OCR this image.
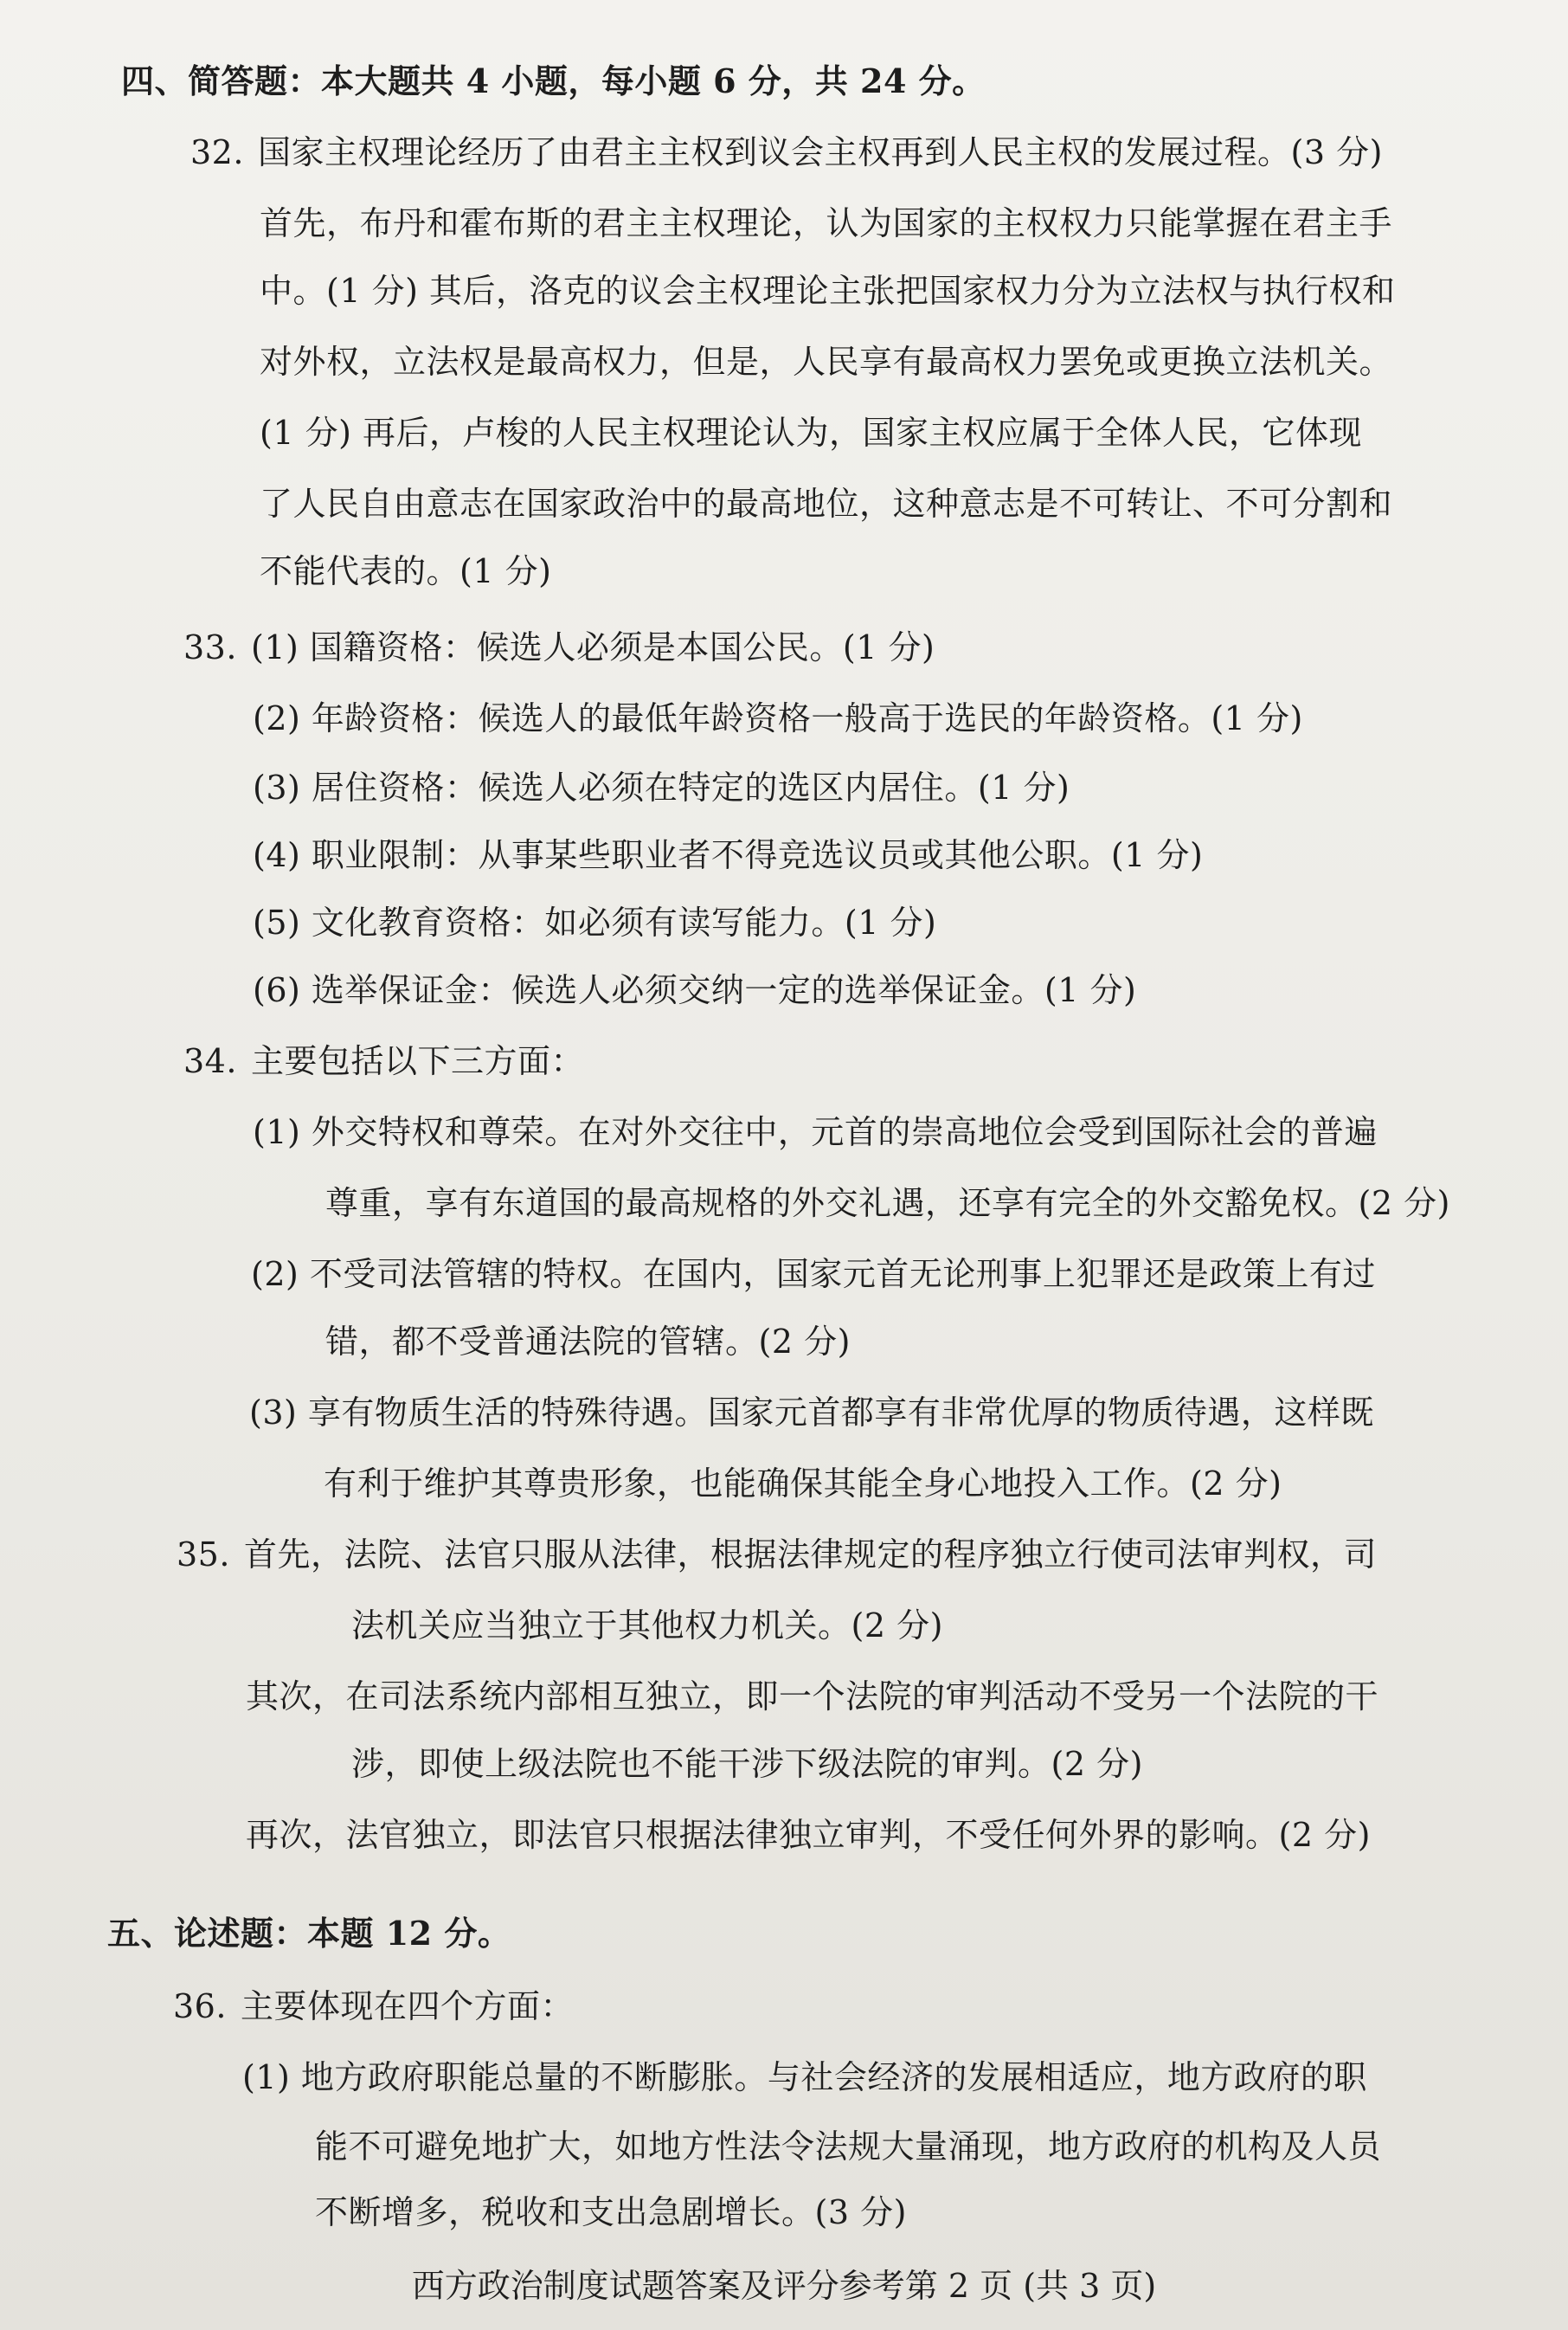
四、简答题：本大题共 4 小题，每小题 6 分，共 24 分。
32. 国家主权理论经历了由君主主权到议会主权再到人民主权的发展过程。(3 分)
首先，布丹和霍布斯的君主主权理论，认为国家的主权权力只能掌握在君主手
中。(1 分) 其后，洛克的议会主权理论主张把国家权力分为立法权与执行权和
对外权，立法权是最高权力，但是，人民享有最高权力罢免或更换立法机关。
(1 分) 再后，卢梭的人民主权理论认为，国家主权应属于全体人民，它体现
了人民自由意志在国家政治中的最高地位，这种意志是不可转让、不可分割和
不能代表的。(1 分)
33. (1) 国籍资格：候选人必须是本国公民。(1 分)
(2) 年龄资格：候选人的最低年龄资格一般高于选民的年龄资格。(1 分)
(3) 居住资格：候选人必须在特定的选区内居住。(1 分)
(4) 职业限制：从事某些职业者不得竞选议员或其他公职。(1 分)
(5) 文化教育资格：如必须有读写能力。(1 分)
(6) 选举保证金：候选人必须交纳一定的选举保证金。(1 分)
34. 主要包括以下三方面：
(1) 外交特权和尊荣。在对外交往中，元首的崇高地位会受到国际社会的普遍
尊重，享有东道国的最高规格的外交礼遇，还享有完全的外交豁免权。(2 分)
(2) 不受司法管辖的特权。在国内，国家元首无论刑事上犯罪还是政策上有过
错，都不受普通法院的管辖。(2 分)
(3) 享有物质生活的特殊待遇。国家元首都享有非常优厚的物质待遇，这样既
有利于维护其尊贵形象，也能确保其能全身心地投入工作。(2 分)
35. 首先，法院、法官只服从法律，根据法律规定的程序独立行使司法审判权，司
法机关应当独立于其他权力机关。(2 分)
其次，在司法系统内部相互独立，即一个法院的审判活动不受另一个法院的干
涉，即使上级法院也不能干涉下级法院的审判。(2 分)
再次，法官独立，即法官只根据法律独立审判，不受任何外界的影响。(2 分)
五、论述题：本题 12 分。
36. 主要体现在四个方面：
(1) 地方政府职能总量的不断膨胀。与社会经济的发展相适应，地方政府的职
能不可避免地扩大，如地方性法令法规大量涌现，地方政府的机构及人员
不断增多，税收和支出急剧增长。(3 分)
西方政治制度试题答案及评分参考第 2 页 (共 3 页)
